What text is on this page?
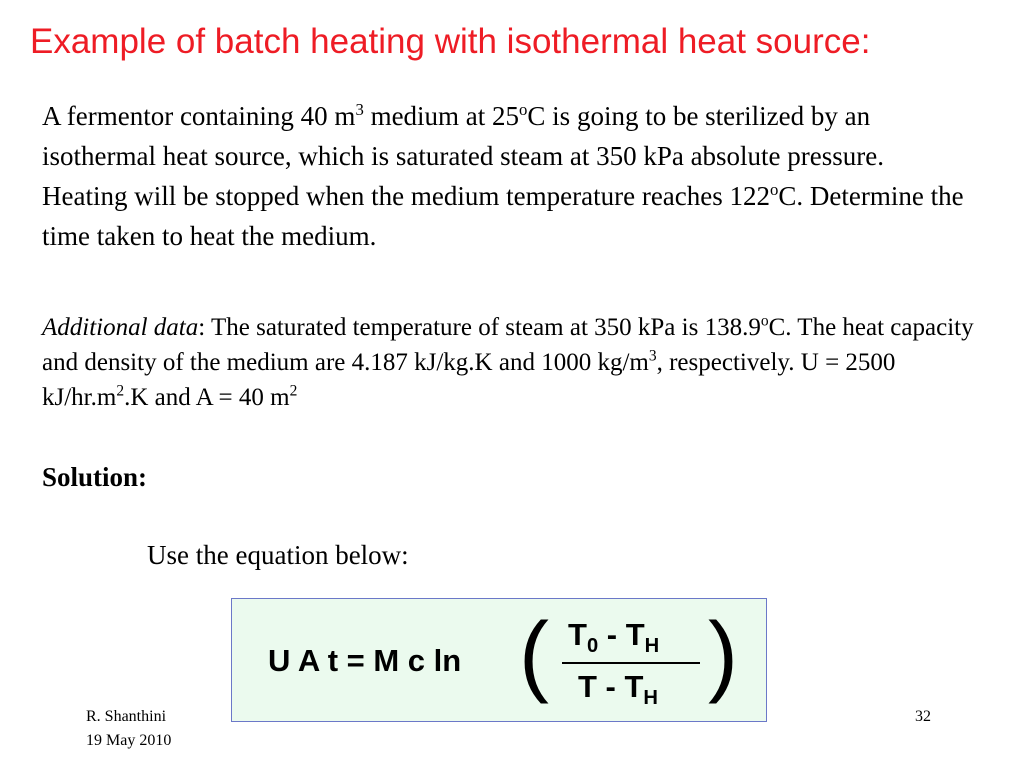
Example of batch heating with isothermal heat source:
A fermentor containing 40 $m^3$ medium at 25$^o$C is going to be sterilized by an isothermal heat source, which is saturated steam at 350 kPa absolute pressure. Heating will be stopped when the medium temperature reaches 122$^o$C. Determine the time taken to heat the medium.
Additional data: The saturated temperature of steam at 350 kPa is 138.9$^o$C. The heat capacity and density of the medium are 4.187 kJ/kg.K and 1000 $kg/m^3$, respectively. U = 2500 $kJ/hr.m^2.K$ and A = 40 $m^2$
Solution:
Use the equation below:
U A t = M c ln ( $T_0 - T_H$
T - $T_H$ )
R. Shanthini
19 May 2010
32
